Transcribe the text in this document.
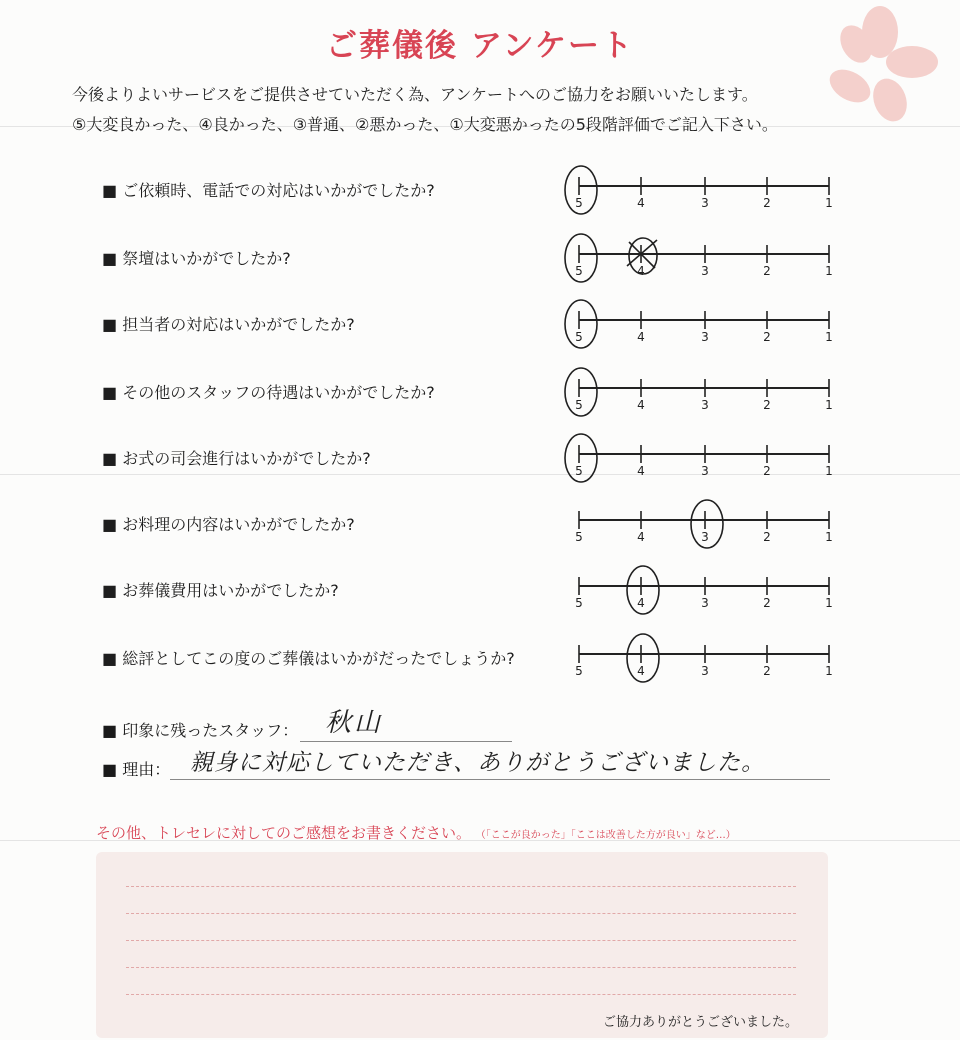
ご葬儀後 アンケート
今後よりよいサービスをご提供させていただく為、アンケートへのご協力をお願いいたします。
⑤大変良かった、④良かった、③普通、②悪かった、①大変悪かったの5段階評価でご記入下さい。
■ ご依頼時、電話での対応はいかがでしたか?
5	4	3	2	1
■ 祭壇はいかがでしたか?
5	4	3	2	1
■ 担当者の対応はいかがでしたか?
5	4	3	2	1
■ その他のスタッフの待遇はいかがでしたか?
5	4	3	2	1
■ お式の司会進行はいかがでしたか?
5	4	3	2	1
■ お料理の内容はいかがでしたか?
5	4	3	2	1
■ お葬儀費用はいかがでしたか?
5	4	3	2	1
■ 総評としてこの度のご葬儀はいかがだったでしょうか?
5	4	3	2	1
■ 印象に残ったスタッフ： 秋山
■ 理由： 親身に対応していただき、ありがとうございました。
その他、トレセレに対してのご感想をお書きください。 （「ここが良かった」「ここは改善した方が良い」など…）
ご協力ありがとうございました。
